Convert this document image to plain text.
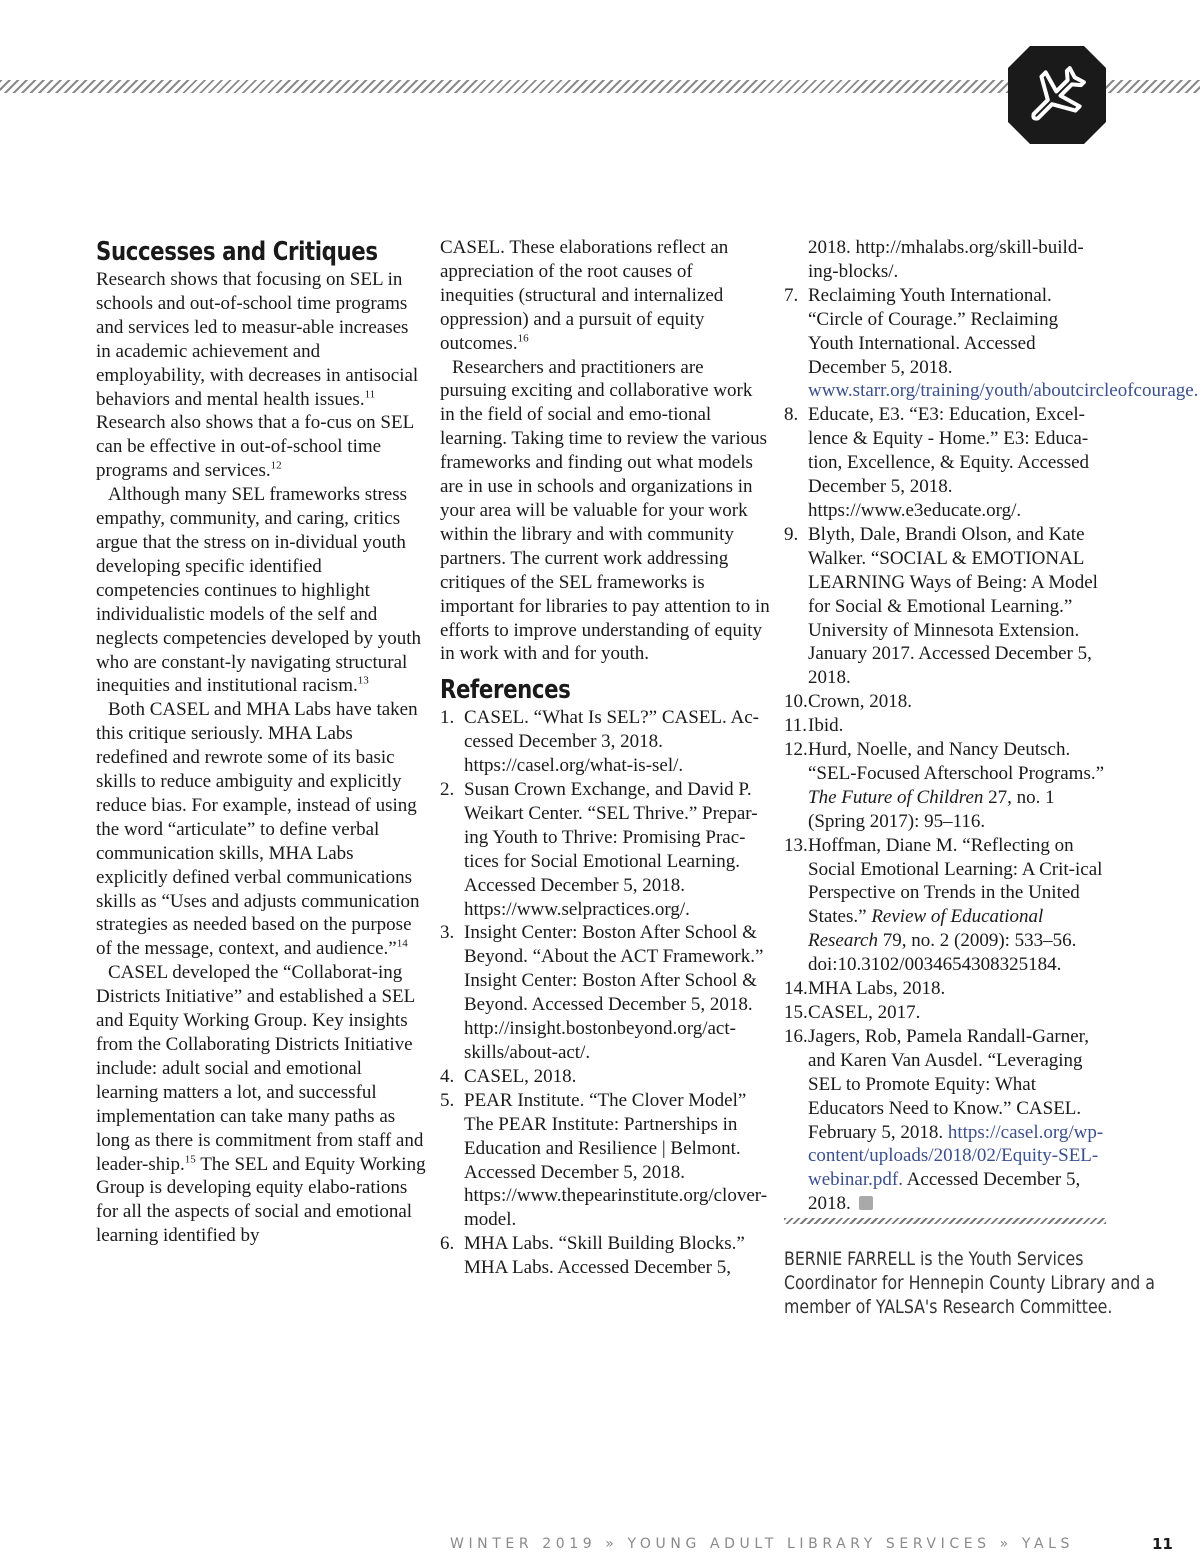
Successes and Critiques

Research shows that focusing on SEL in schools and out-of-school time programs and services led to measur-able increases in academic achievement and employability, with decreases in antisocial behaviors and mental health issues.$^{11}$ Research also shows that a fo-cus on SEL can be effective in out-of-school time programs and services.$^{12}$

Although many SEL frameworks stress empathy, community, and caring, critics argue that the stress on in-dividual youth developing specific identified competencies continues to highlight individualistic models of the self and neglects competencies developed by youth who are constant-ly navigating structural inequities and institutional racism.$^{13}$

Both CASEL and MHA Labs have taken this critique seriously. MHA Labs redefined and rewrote some of its basic skills to reduce ambiguity and explicitly reduce bias. For example, instead of using the word “articulate” to define verbal communication skills, MHA Labs explicitly defined verbal communications skills as “Uses and adjusts communication strategies as needed based on the purpose of the message, context, and audience.”$^{14}$

CASEL developed the “Collaborat-ing Districts Initiative” and established a SEL and Equity Working Group. Key insights from the Collaborating Districts Initiative include: adult social and emotional learning matters a lot, and successful implementation can take many paths as long as there is commitment from staff and leader-ship.$^{15}$ The SEL and Equity Working Group is developing equity elabo-rations for all the aspects of social and emotional learning identified by

CASEL. These elaborations reflect an appreciation of the root causes of inequities (structural and internalized oppression) and a pursuit of equity outcomes.$^{16}$

Researchers and practitioners are pursuing exciting and collaborative work in the field of social and emo-tional learning. Taking time to review the various frameworks and finding out what models are in use in schools and organizations in your area will be valuable for your work within the library and with community partners. The current work addressing critiques of the SEL frameworks is important for libraries to pay attention to in efforts to improve understanding of equity in work with and for youth.

References
1. CASEL. “What Is SEL?” CASEL. Ac-cessed December 3, 2018. https://casel.org/what-is-sel/.
2. Susan Crown Exchange, and David P. Weikart Center. “SEL Thrive.” Prepar-ing Youth to Thrive: Promising Prac-tices for Social Emotional Learning. Accessed December 5, 2018. https://www.selpractices.org/.
3. Insight Center: Boston After School & Beyond. “About the ACT Framework.” Insight Center: Boston After School & Beyond. Accessed December 5, 2018. http://insight.bostonbeyond.org/act-skills/about-act/.
4. CASEL, 2018.
5. PEAR Institute. “The Clover Model” The PEAR Institute: Partnerships in Education and Resilience | Belmont. Accessed December 5, 2018. https://www.thepearinstitute.org/clover-model.
6. MHA Labs. “Skill Building Blocks.” MHA Labs. Accessed December 5,
2018. http://mhalabs.org/skill-build-ing-blocks/.
7. Reclaiming Youth International. “Circle of Courage.” Reclaiming Youth International. Accessed December 5, 2018. www.starr.org/training/youth/aboutcircleofcourage.
8. Educate, E3. “E3: Education, Excel-lence & Equity - Home.” E3: Educa-tion, Excellence, & Equity. Accessed December 5, 2018. https://www.e3educate.org/.
9. Blyth, Dale, Brandi Olson, and Kate Walker. “SOCIAL & EMOTIONAL LEARNING Ways of Being: A Model for Social & Emotional Learning.” University of Minnesota Extension. January 2017. Accessed December 5, 2018.
10. Crown, 2018.
11. Ibid.
12. Hurd, Noelle, and Nancy Deutsch. “SEL-Focused Afterschool Programs.” The Future of Children 27, no. 1 (Spring 2017): 95–116.
13. Hoffman, Diane M. “Reflecting on Social Emotional Learning: A Crit-ical Perspective on Trends in the United States.” Review of Educational Research 79, no. 2 (2009): 533–56. doi:10.3102/0034654308325184.
14. MHA Labs, 2018.
15. CASEL, 2017.
16. Jagers, Rob, Pamela Randall-Garner, and Karen Van Ausdel. “Leveraging SEL to Promote Equity: What Educators Need to Know.” CASEL. February 5, 2018. https://casel.org/wp-content/uploads/2018/02/Equity-SEL-webinar.pdf. Accessed December 5, 2018.
BERNIE FARRELL is the Youth Services
Coordinator for Hennepin County Library and a
member of YALSA's Research Committee.
WINTER 2019 » YOUNG ADULT LIBRARY SERVICES » YALS	11
